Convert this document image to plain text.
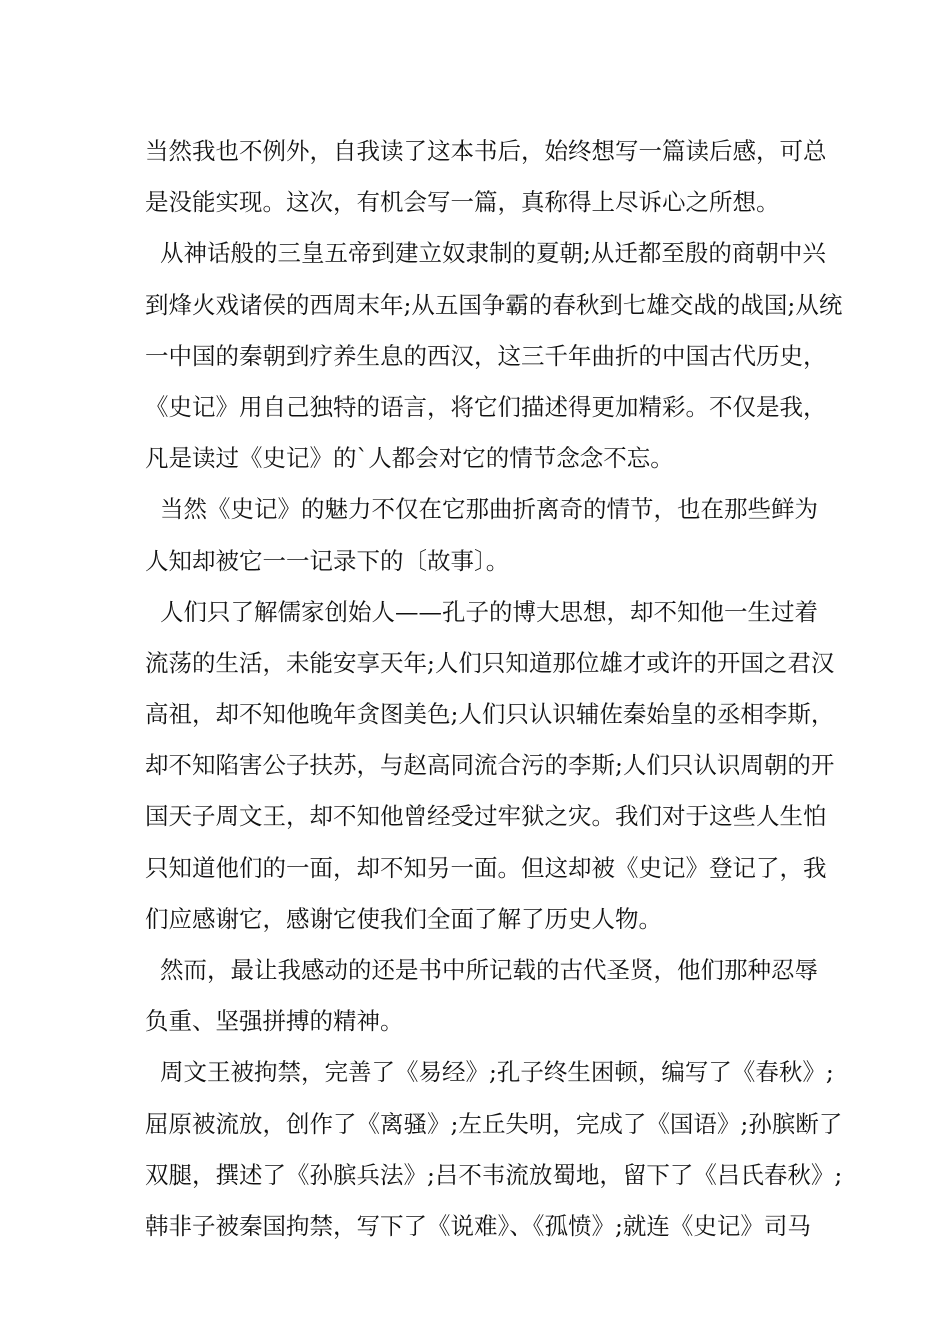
当然我也不例外，自我读了这本书后，始终想写一篇读后感，可总
是没能实现。这次，有机会写一篇，真称得上尽诉心之所想。
从神话般的三皇五帝到建立奴隶制的夏朝;从迁都至殷的商朝中兴
到烽火戏诸侯的西周末年;从五国争霸的春秋到七雄交战的战国;从统
一中国的秦朝到疗养生息的西汉，这三千年曲折的中国古代历史，
《史记》用自己独特的语言，将它们描述得更加精彩。不仅是我，
凡是读过《史记》的`人都会对它的情节念念不忘。
当然《史记》的魅力不仅在它那曲折离奇的情节，也在那些鲜为
人知却被它一一记录下的〔故事〕。
人们只了解儒家创始人——孔子的博大思想，却不知他一生过着
流荡的生活，未能安享天年;人们只知道那位雄才或许的开国之君汉
高祖，却不知他晚年贪图美色;人们只认识辅佐秦始皇的丞相李斯，
却不知陷害公子扶苏，与赵高同流合污的李斯;人们只认识周朝的开
国天子周文王，却不知他曾经受过牢狱之灾。我们对于这些人生怕
只知道他们的一面，却不知另一面。但这却被《史记》登记了，我
们应感谢它，感谢它使我们全面了解了历史人物。
然而，最让我感动的还是书中所记载的古代圣贤，他们那种忍辱
负重、坚强拼搏的精神。
周文王被拘禁，完善了《易经》;孔子终生困顿，编写了《春秋》;
屈原被流放，创作了《离骚》;左丘失明，完成了《国语》;孙膑断了
双腿，撰述了《孙膑兵法》;吕不韦流放蜀地，留下了《吕氏春秋》;
韩非子被秦国拘禁，写下了《说难》、《孤愤》;就连《史记》司马
